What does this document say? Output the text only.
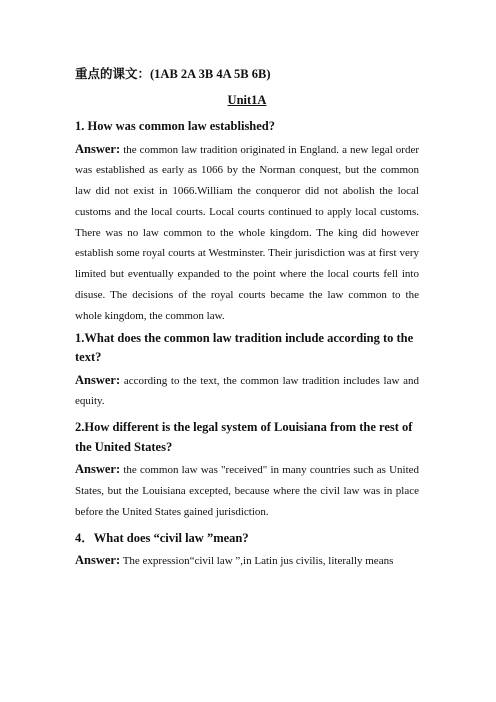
重点的课文：(1AB 2A 3B 4A 5B 6B)
Unit1A
1. How was common law established?
Answer: the common law tradition originated in England. a new legal order was established as early as 1066 by the Norman conquest, but the common law did not exist in 1066.William the conqueror did not abolish the local customs and the local courts. Local courts continued to apply local customs. There was no law common to the whole kingdom. The king did however establish some royal courts at Westminster. Their jurisdiction was at first very limited but eventually expanded to the point where the local courts fell into disuse. The decisions of the royal courts became the law common to the whole kingdom, the common law.
1.What does the common law tradition include according to the text?
Answer: according to the text, the common law tradition includes law and equity.
2.How different is the legal system of Louisiana from the rest of the United States?
Answer: the common law was "received" in many countries such as United States, but the Louisiana excepted, because where the civil law was in place before the United States gained jurisdiction.
4．What does “civil law ”mean?
Answer: The expression“civil law ”,in Latin jus civilis, literally means
